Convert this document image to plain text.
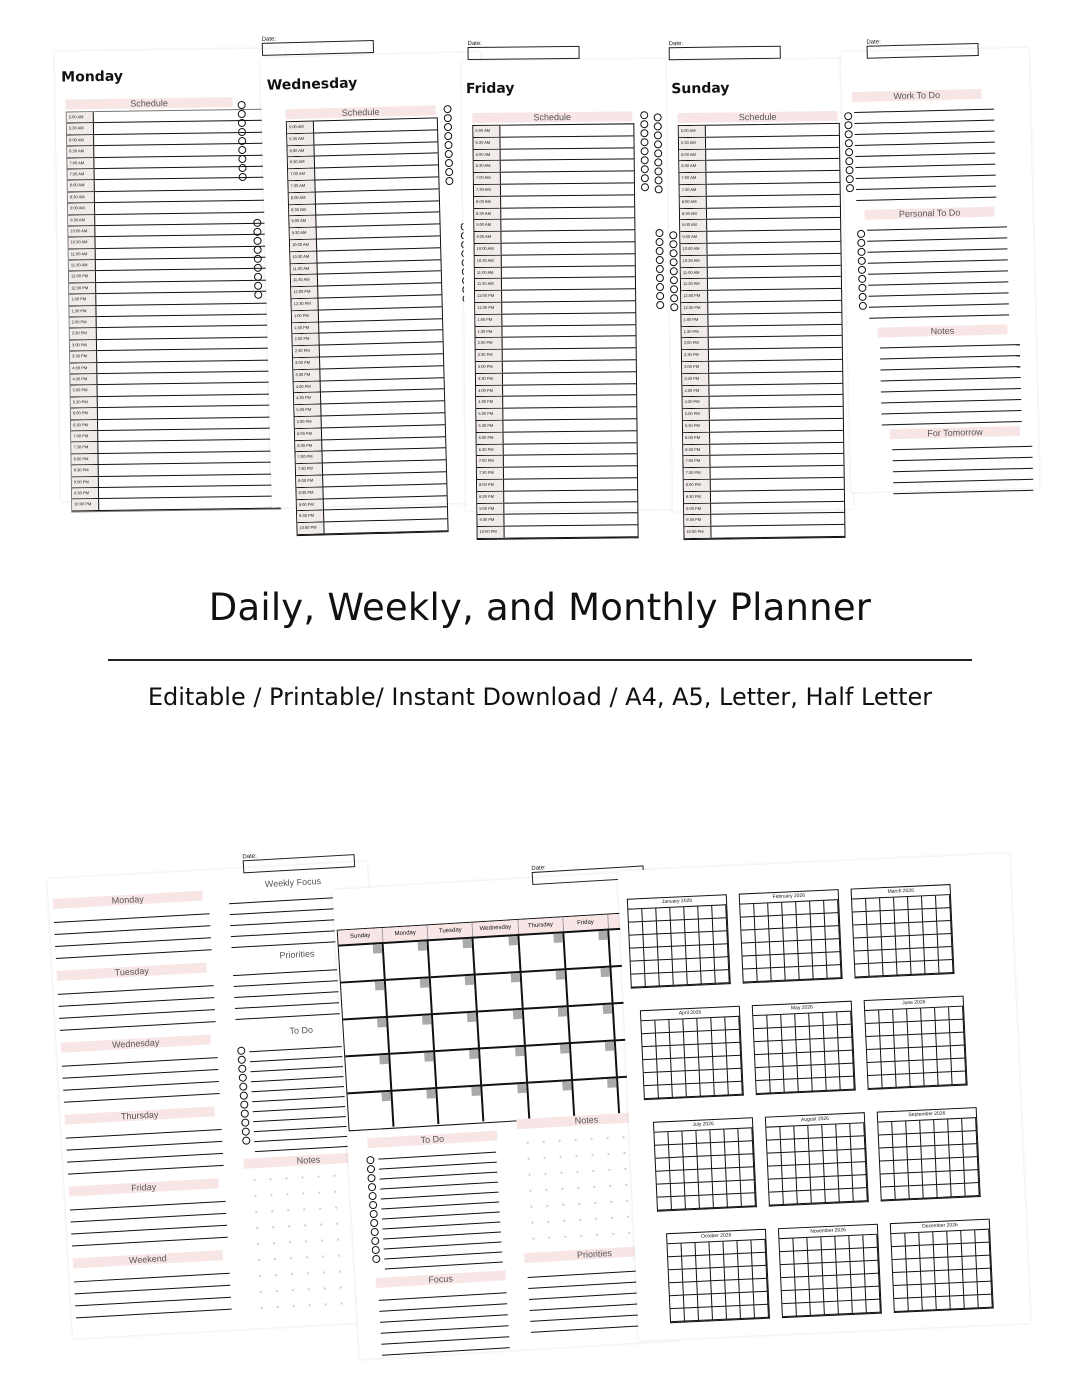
Monday
Schedule
5:00 AM
5:30 AM
6:00 AM
6:30 AM
7:00 AM
7:30 AM
8:00 AM
8:30 AM
9:00 AM
9:30 AM
10:00 AM
10:30 AM
11:00 AM
11:30 AM
12:00 PM
12:30 PM
1:00 PM
1:30 PM
2:00 PM
2:30 PM
3:00 PM
3:30 PM
4:00 PM
4:30 PM
5:00 PM
5:30 PM
6:00 PM
6:30 PM
7:00 PM
7:30 PM
8:00 PM
8:30 PM
9:00 PM
9:30 PM
10:00 PM
Date:
Wednesday
Schedule
5:00 AM
5:30 AM
6:00 AM
6:30 AM
7:00 AM
7:30 AM
8:00 AM
8:30 AM
9:00 AM
9:30 AM
10:00 AM
10:30 AM
11:00 AM
11:30 AM
12:00 PM
12:30 PM
1:00 PM
1:30 PM
2:00 PM
2:30 PM
3:00 PM
3:30 PM
4:00 PM
4:30 PM
5:00 PM
5:30 PM
6:00 PM
6:30 PM
7:00 PM
7:30 PM
8:00 PM
8:30 PM
9:00 PM
9:30 PM
10:00 PM
Date:
Friday
Schedule
5:00 AM
5:30 AM
6:00 AM
6:30 AM
7:00 AM
7:30 AM
8:00 AM
8:30 AM
9:00 AM
9:30 AM
10:00 AM
10:30 AM
11:00 AM
11:30 AM
12:00 PM
12:30 PM
1:00 PM
1:30 PM
2:00 PM
2:30 PM
3:00 PM
3:30 PM
4:00 PM
4:30 PM
5:00 PM
5:30 PM
6:00 PM
6:30 PM
7:00 PM
7:30 PM
8:00 PM
8:30 PM
9:00 PM
9:30 PM
10:00 PM
Date:
Sunday
Schedule
5:00 AM
5:30 AM
6:00 AM
6:30 AM
7:00 AM
7:30 AM
8:00 AM
8:30 AM
9:00 AM
9:30 AM
10:00 AM
10:30 AM
11:00 AM
11:30 AM
12:00 PM
12:30 PM
1:00 PM
1:30 PM
2:00 PM
2:30 PM
3:00 PM
3:30 PM
4:00 PM
4:30 PM
5:00 PM
5:30 PM
6:00 PM
6:30 PM
7:00 PM
7:30 PM
8:00 PM
8:30 PM
9:00 PM
9:30 PM
10:00 PM
Date:
Work To Do
Personal To Do
Notes
For Tomorrow
Daily, Weekly, and Monthly Planner
Editable / Printable/ Instant Download / A4, A5, Letter, Half Letter
Date:
Monday
Tuesday
Wednesday
Thursday
Friday
Weekend
Weekly Focus
Priorities
To Do
Notes
Date:
Sunday	Monday	Tuesday	Wednesday	Thursday	Friday
To Do
Focus
Notes
Priorities
January 2026
February 2026
March 2026
April 2026
May 2026
June 2026
July 2026
August 2026
September 2026
October 2026
November 2026
December 2026
